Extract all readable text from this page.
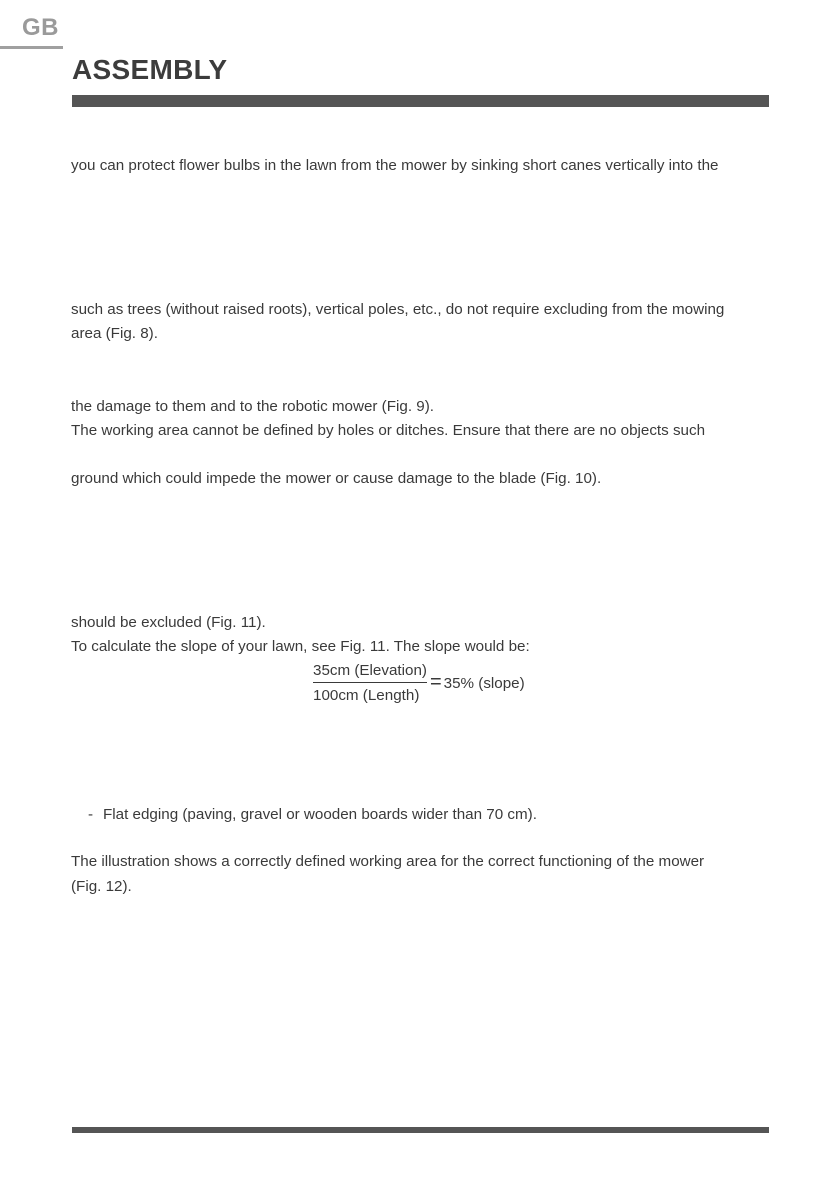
GB
ASSEMBLY
you can protect flower bulbs in the lawn from the mower by sinking short canes vertically into the
such as trees (without raised roots), vertical poles, etc., do not require excluding from the mowing
area (Fig. 8).
the damage to them and to the robotic mower (Fig. 9).
The working area cannot be defined by holes or ditches. Ensure that there are no objects such
ground which could impede the mower or cause damage to the blade (Fig. 10).
should be excluded (Fig. 11).
To calculate the slope of your lawn, see Fig. 11. The slope would be:
$\frac{\text{35cm (Elevation)}}{\text{100cm (Length)}} = 35\%$ (slope)
- Flat edging (paving, gravel or wooden boards wider than 70 cm).
The illustration shows a correctly defined working area for the correct functioning of the mower
(Fig. 12).
